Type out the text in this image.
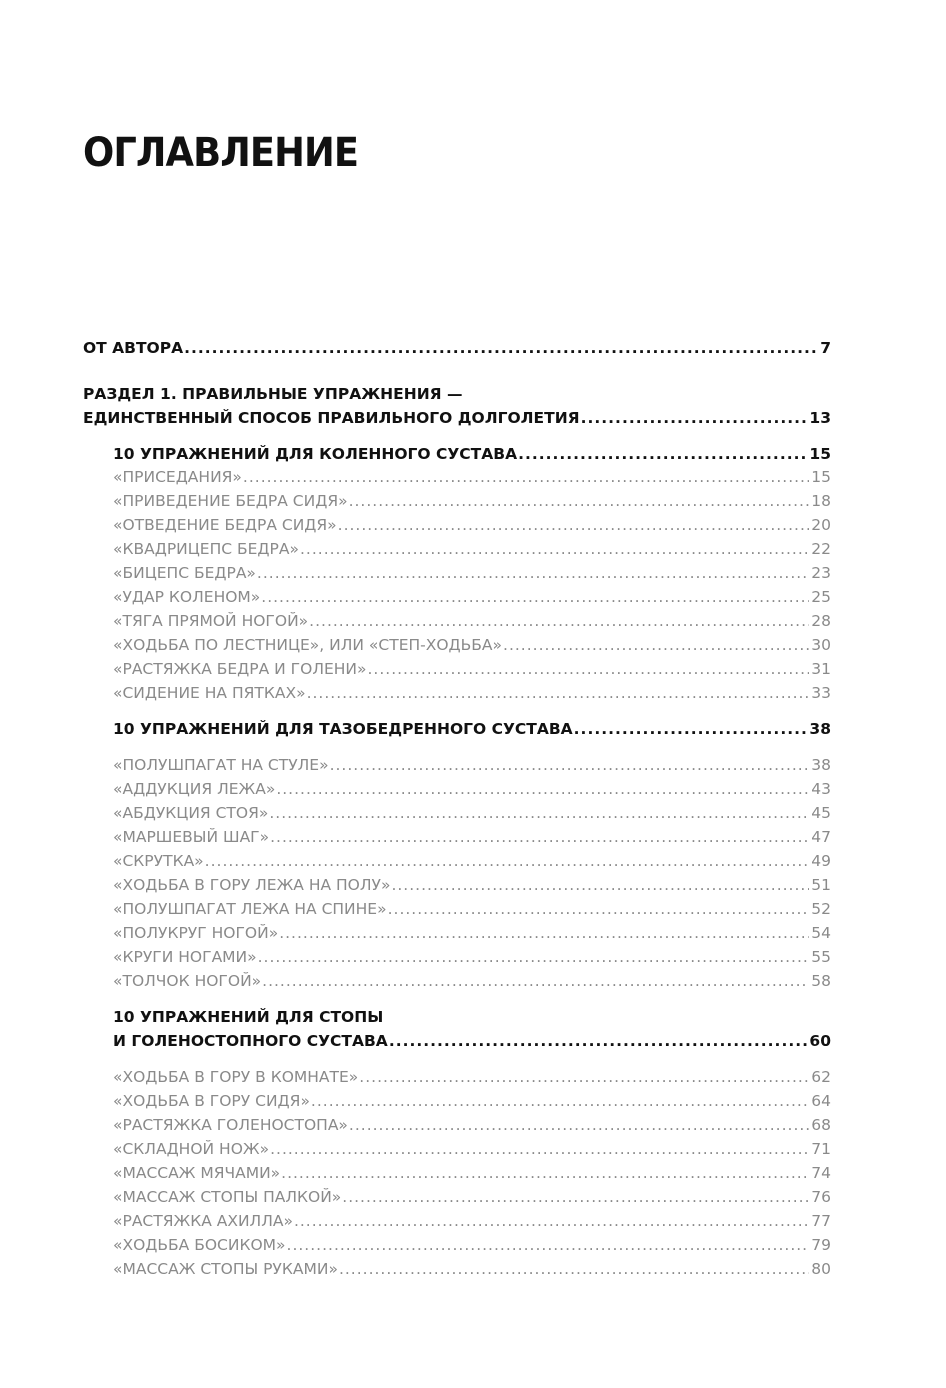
ОГЛАВЛЕНИЕ
ОТ АВТОРА .....	7
РАЗДЕЛ 1. ПРАВИЛЬНЫЕ УПРАЖНЕНИЯ —
ЕДИНСТВЕННЫЙ СПОСОБ ПРАВИЛЬНОГО ДОЛГОЛЕТИЯ .....	13
10 УПРАЖНЕНИЙ ДЛЯ КОЛЕННОГО СУСТАВА .....	15
«ПРИСЕДАНИЯ» .....	15
«ПРИВЕДЕНИЕ БЕДРА СИДЯ» .....	18
«ОТВЕДЕНИЕ БЕДРА СИДЯ» .....	20
«КВАДРИЦЕПС БЕДРА» .....	22
«БИЦЕПС БЕДРА» .....	23
«УДАР КОЛЕНОМ» .....	25
«ТЯГА ПРЯМОЙ НОГОЙ» .....	28
«ХОДЬБА ПО ЛЕСТНИЦЕ», ИЛИ «СТЕП-ХОДЬБА» .....	30
«РАСТЯЖКА БЕДРА И ГОЛЕНИ» .....	31
«СИДЕНИЕ НА ПЯТКАХ» .....	33
10 УПРАЖНЕНИЙ ДЛЯ ТАЗОБЕДРЕННОГО СУСТАВА .....	38
«ПОЛУШПАГАТ НА СТУЛЕ» .....	38
«АДДУКЦИЯ ЛЕЖА» .....	43
«АБДУКЦИЯ СТОЯ» .....	45
«МАРШЕВЫЙ ШАГ» .....	47
«СКРУТКА» .....	49
«ХОДЬБА В ГОРУ ЛЕЖА НА ПОЛУ» .....	51
«ПОЛУШПАГАТ ЛЕЖА НА СПИНЕ» .....	52
«ПОЛУКРУГ НОГОЙ» .....	54
«КРУГИ НОГАМИ» .....	55
«ТОЛЧОК НОГОЙ» .....	58
10 УПРАЖНЕНИЙ ДЛЯ СТОПЫ
И ГОЛЕНОСТОПНОГО СУСТАВА .....	60
«ХОДЬБА В ГОРУ В КОМНАТЕ» .....	62
«ХОДЬБА В ГОРУ СИДЯ» .....	64
«РАСТЯЖКА ГОЛЕНОСТОПА» .....	68
«СКЛАДНОЙ НОЖ» .....	71
«МАССАЖ МЯЧАМИ» .....	74
«МАССАЖ СТОПЫ ПАЛКОЙ» .....	76
«РАСТЯЖКА АХИЛЛА» .....	77
«ХОДЬБА БОСИКОМ» .....	79
«МАССАЖ СТОПЫ РУКАМИ» .....	80
